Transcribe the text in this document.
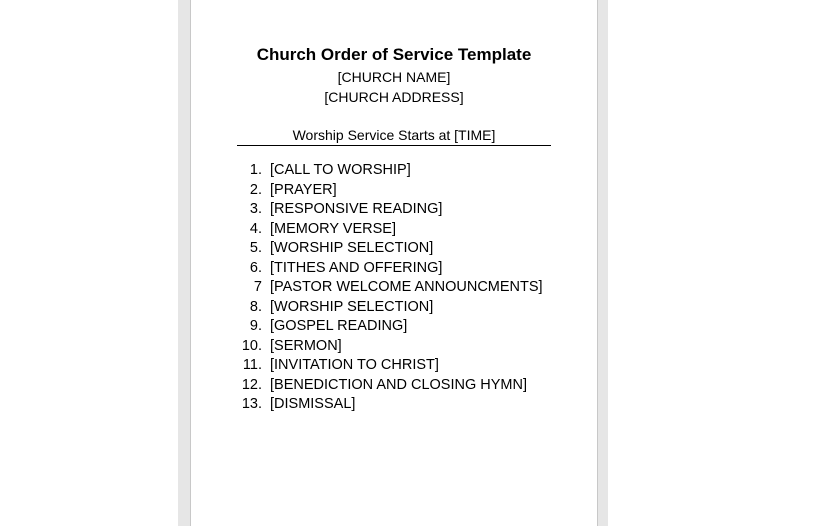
Church Order of Service Template
[CHURCH NAME]
[CHURCH ADDRESS]
Worship Service Starts at [TIME]
1. [CALL TO WORSHIP]
2. [PRAYER]
3. [RESPONSIVE READING]
4. [MEMORY VERSE]
5. [WORSHIP SELECTION]
6. [TITHES AND OFFERING]
7 [PASTOR WELCOME ANNOUNCMENTS]
8. [WORSHIP SELECTION]
9. [GOSPEL READING]
10. [SERMON]
11. [INVITATION TO CHRIST]
12. [BENEDICTION AND CLOSING HYMN]
13. [DISMISSAL]
